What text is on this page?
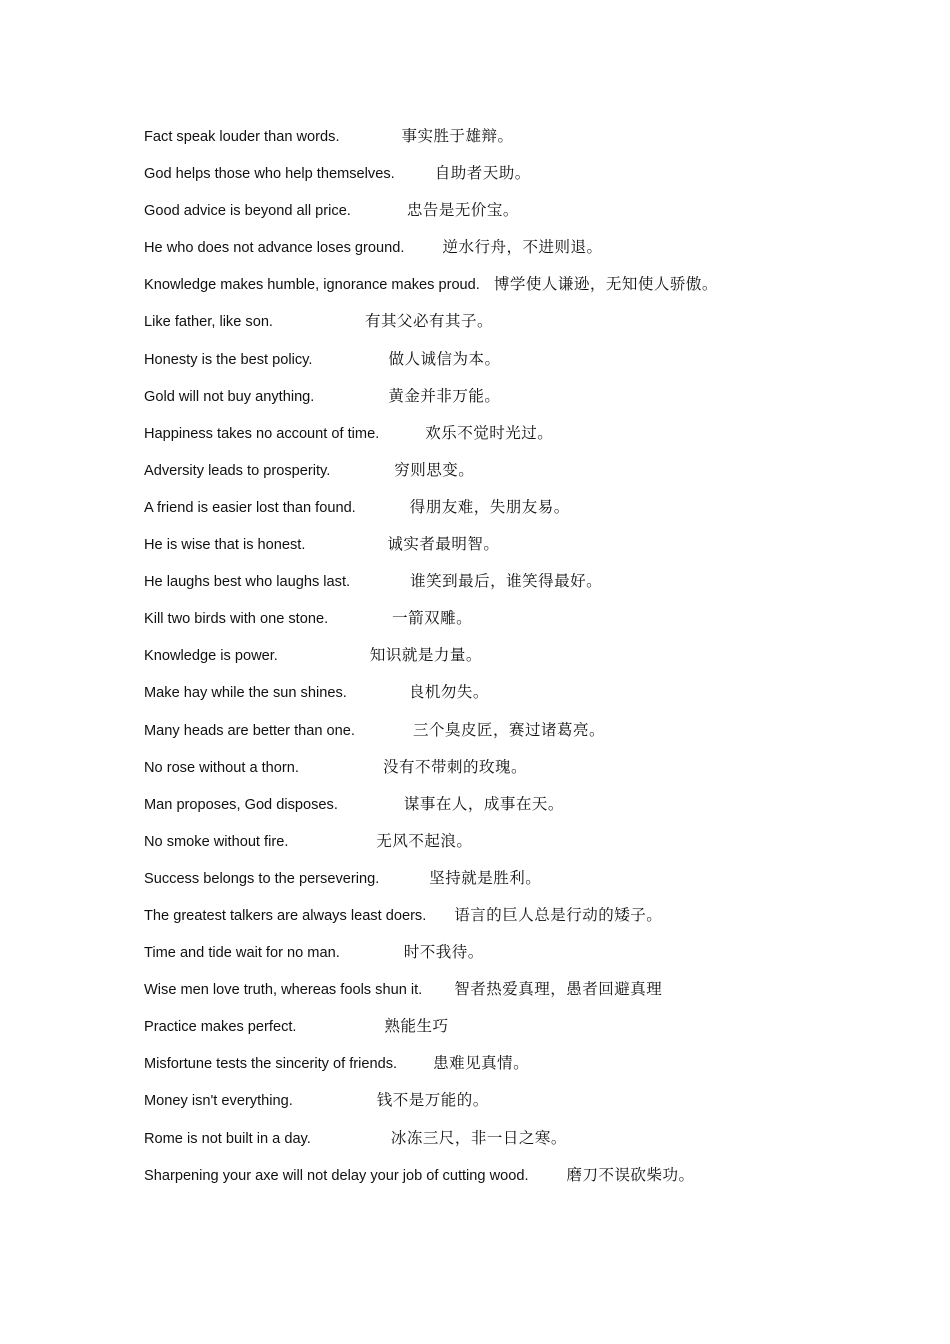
Fact speak louder than words.	事实胜于雄辩。
God helps those who help themselves.	自助者天助。
Good advice is beyond all price.	忠告是无价宝。
He who does not advance loses ground. 逆水行舟，不进则退。
Knowledge makes humble, ignorance makes proud. 博学使人谦逊，无知使人骄傲。
Like father, like son.	有其父必有其子。
Honesty is the best policy.	做人诚信为本。
Gold will not buy anything.	黄金并非万能。
Happiness takes no account of time.	欢乐不觉时光过。
Adversity leads to prosperity.	穷则思变。
A friend is easier lost than found.	得朋友难，失朋友易。
He is wise that is honest.	诚实者最明智。
He laughs best who laughs last.	谁笑到最后，谁笑得最好。
Kill two birds with one stone.	一箭双雕。
Knowledge is power.	知识就是力量。
Make hay while the sun shines.	良机勿失。
Many heads are better than one.	三个臭皮匠，赛过诸葛亮。
No rose without a thorn.	没有不带刺的玫瑰。
Man proposes, God disposes.	谋事在人，成事在天。
No smoke without fire.	无风不起浪。
Success belongs to the persevering.	坚持就是胜利。
The greatest talkers are always least doers. 语言的巨人总是行动的矮子。
Time and tide wait for no man.	时不我待。
Wise men love truth, whereas fools shun it. 智者热爱真理，愚者回避真理
Practice makes perfect.	熟能生巧
Misfortune tests the sincerity of friends. 患难见真情。
Money isn't everything.	钱不是万能的。
Rome is not built in a day.	冰冻三尺，非一日之寒。
Sharpening your axe will not delay your job of cutting wood. 磨刀不误砍柴功。
